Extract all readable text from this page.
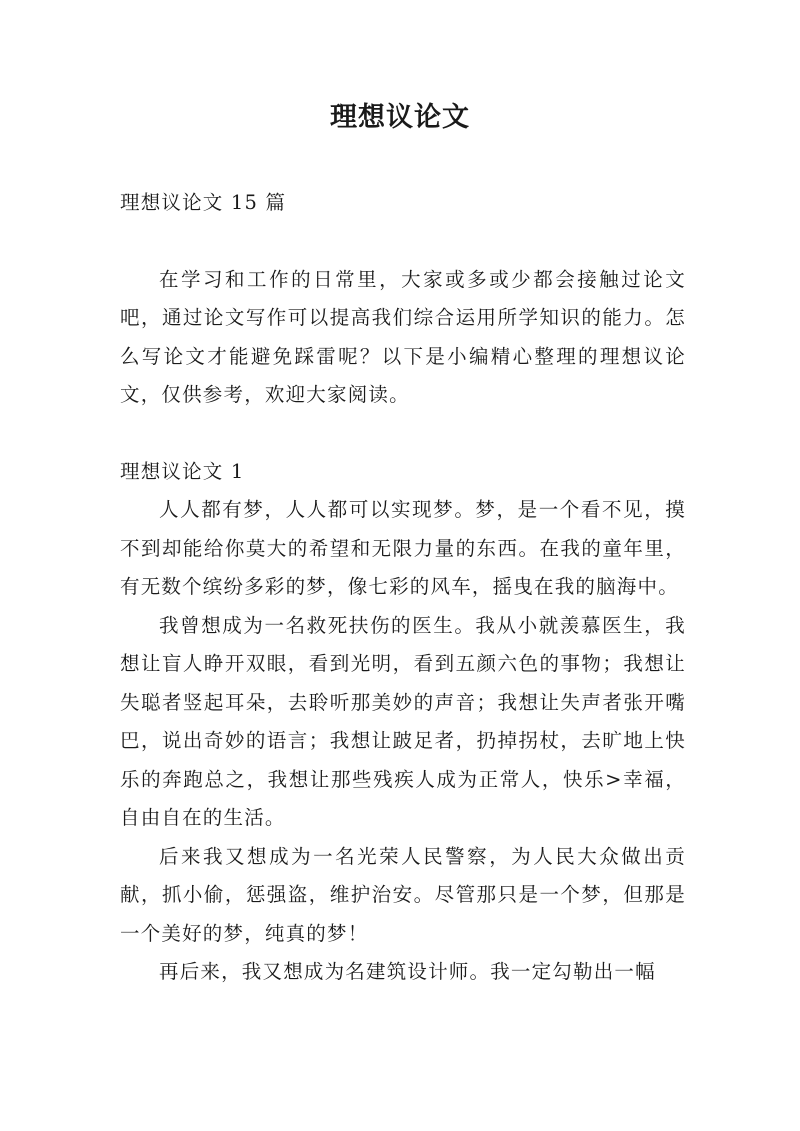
理想议论文

理想议论文 15 篇

在学习和工作的日常里，大家或多或少都会接触过论文吧，通过论文写作可以提高我们综合运用所学知识的能力。怎么写论文才能避免踩雷呢？以下是小编精心整理的理想议论文，仅供参考，欢迎大家阅读。

理想议论文 1

人人都有梦，人人都可以实现梦。梦，是一个看不见，摸不到却能给你莫大的希望和无限力量的东西。在我的童年里，有无数个缤纷多彩的梦，像七彩的风车，摇曳在我的脑海中。

我曾想成为一名救死扶伤的医生。我从小就羡慕医生，我想让盲人睁开双眼，看到光明，看到五颜六色的事物；我想让失聪者竖起耳朵，去聆听那美妙的声音；我想让失声者张开嘴巴，说出奇妙的语言；我想让跛足者，扔掉拐杖，去旷地上快乐的奔跑总之，我想让那些残疾人成为正常人，快乐>幸福，自由自在的生活。

后来我又想成为一名光荣人民警察，为人民大众做出贡献，抓小偷，惩强盗，维护治安。尽管那只是一个梦，但那是一个美好的梦，纯真的梦！

再后来，我又想成为名建筑设计师。我一定勾勒出一幅
